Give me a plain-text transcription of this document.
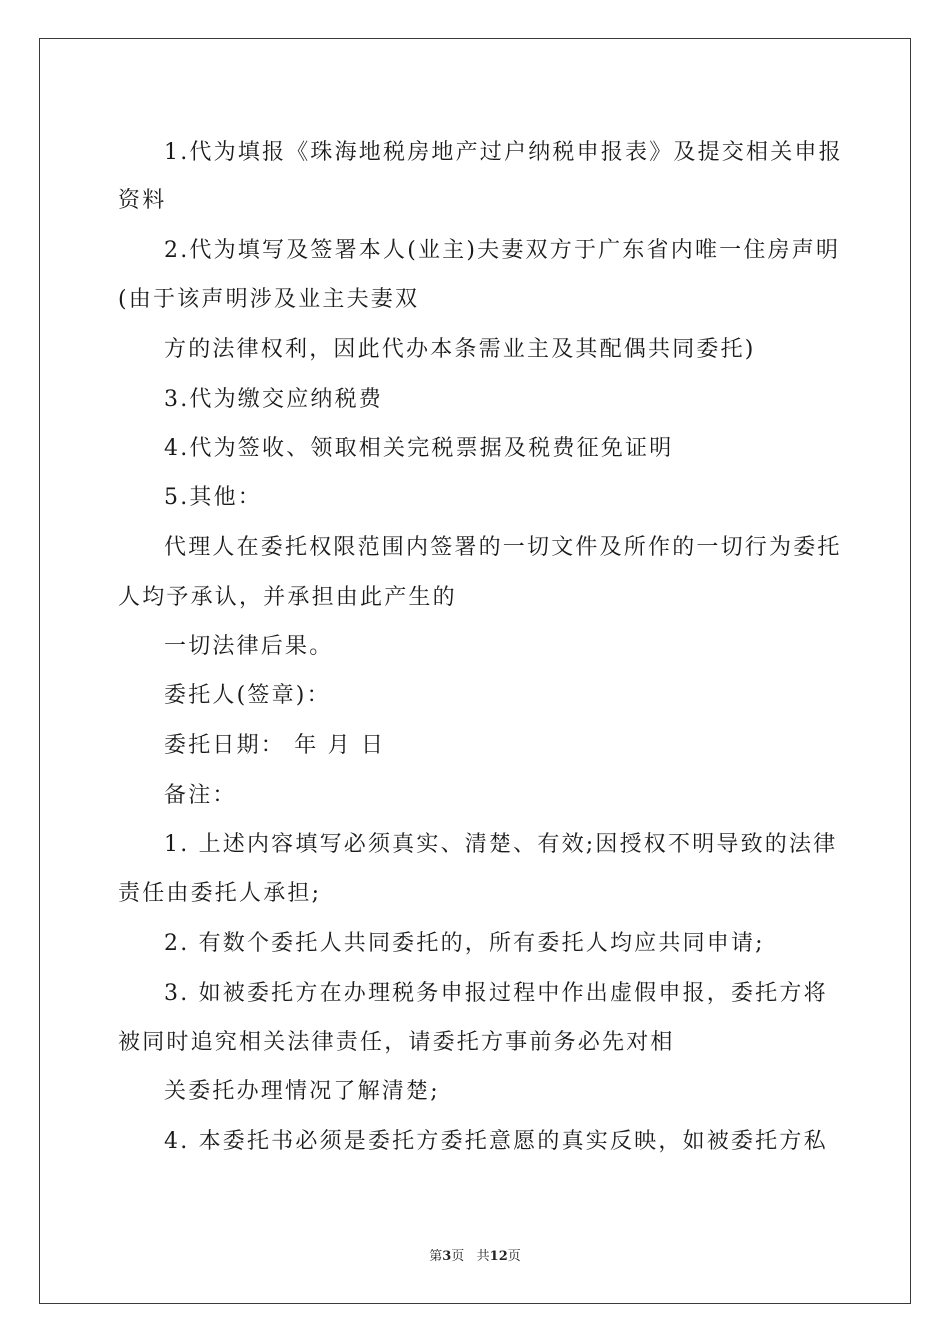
1.代为填报《珠海地税房地产过户纳税申报表》及提交相关申报
资料
2.代为填写及签署本人(业主)夫妻双方于广东省内唯一住房声明
(由于该声明涉及业主夫妻双
方的法律权利，因此代办本条需业主及其配偶共同委托)
3.代为缴交应纳税费
4.代为签收、领取相关完税票据及税费征免证明
5.其他：
代理人在委托权限范围内签署的一切文件及所作的一切行为委托
人均予承认，并承担由此产生的
一切法律后果。
委托人(签章)：
委托日期： 年 月 日
备注：
1. 上述内容填写必须真实、清楚、有效;因授权不明导致的法律
责任由委托人承担;
2. 有数个委托人共同委托的，所有委托人均应共同申请;
3. 如被委托方在办理税务申报过程中作出虚假申报，委托方将
被同时追究相关法律责任，请委托方事前务必先对相
关委托办理情况了解清楚;
4. 本委托书必须是委托方委托意愿的真实反映，如被委托方私
第3页   共12页
